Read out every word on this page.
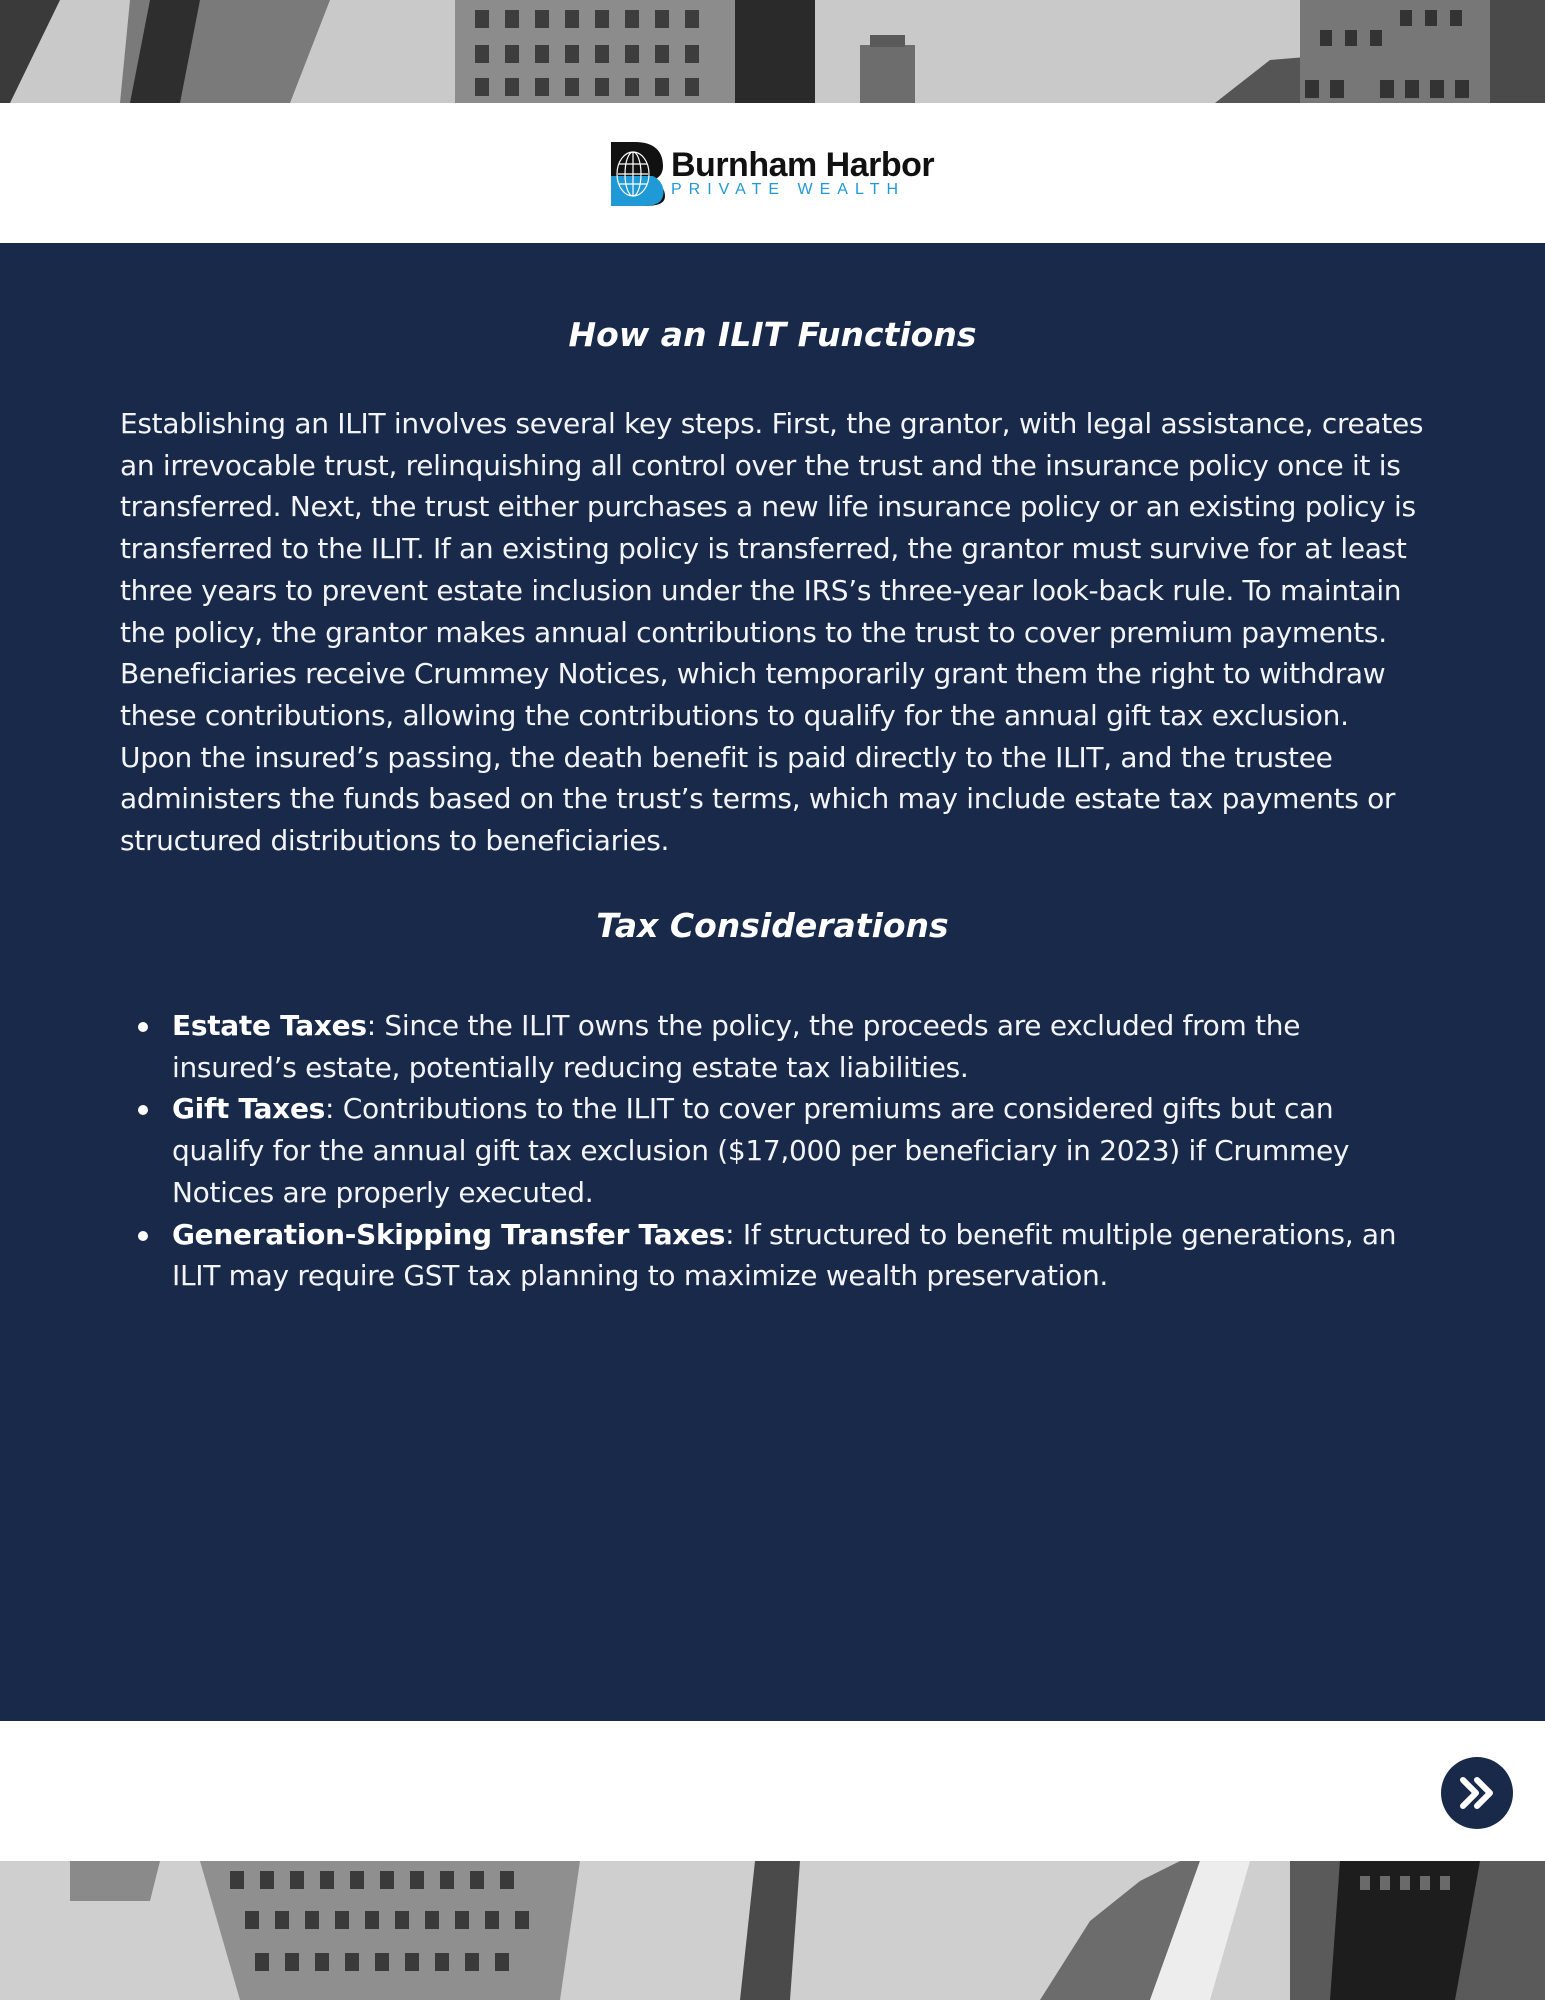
Burnham Harbor
PRIVATE WEALTH
How an ILIT Functions

Establishing an ILIT involves several key steps. First, the grantor, with legal assistance, creates an irrevocable trust, relinquishing all control over the trust and the insurance policy once it is transferred. Next, the trust either purchases a new life insurance policy or an existing policy is transferred to the ILIT. If an existing policy is transferred, the grantor must survive for at least three years to prevent estate inclusion under the IRS’s three-year look-back rule. To maintain the policy, the grantor makes annual contributions to the trust to cover premium payments. Beneficiaries receive Crummey Notices, which temporarily grant them the right to withdraw these contributions, allowing the contributions to qualify for the annual gift tax exclusion. Upon the insured’s passing, the death benefit is paid directly to the ILIT, and the trustee administers the funds based on the trust’s terms, which may include estate tax payments or structured distributions to beneficiaries.

Tax Considerations
Estate Taxes: Since the ILIT owns the policy, the proceeds are excluded from the insured’s estate, potentially reducing estate tax liabilities.
Gift Taxes: Contributions to the ILIT to cover premiums are considered gifts but can qualify for the annual gift tax exclusion ($17,000 per beneficiary in 2023) if Crummey Notices are properly executed.
Generation-Skipping Transfer Taxes: If structured to benefit multiple generations, an ILIT may require GST tax planning to maximize wealth preservation.
